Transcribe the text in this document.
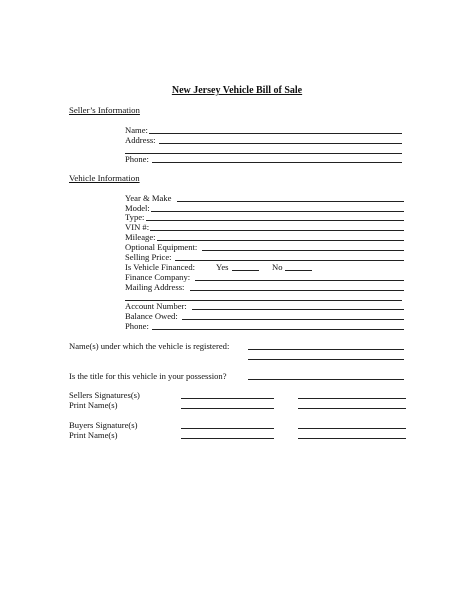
New Jersey Vehicle Bill of Sale
Seller’s Information
Name:
Address:
Phone:
Vehicle Information
Year & Make
Model:
Type:
VIN #:
Mileage:
Optional Equipment:
Selling Price:
Is Vehicle Financed: Yes	No
Finance Company:
Mailing Address:
Account Number:
Balance Owed:
Phone:
Name(s) under which the vehicle is registered:
Is the title for this vehicle in your possession?
Sellers Signatures(s)
Print Name(s)
Buyers Signature(s)
Print Name(s)
